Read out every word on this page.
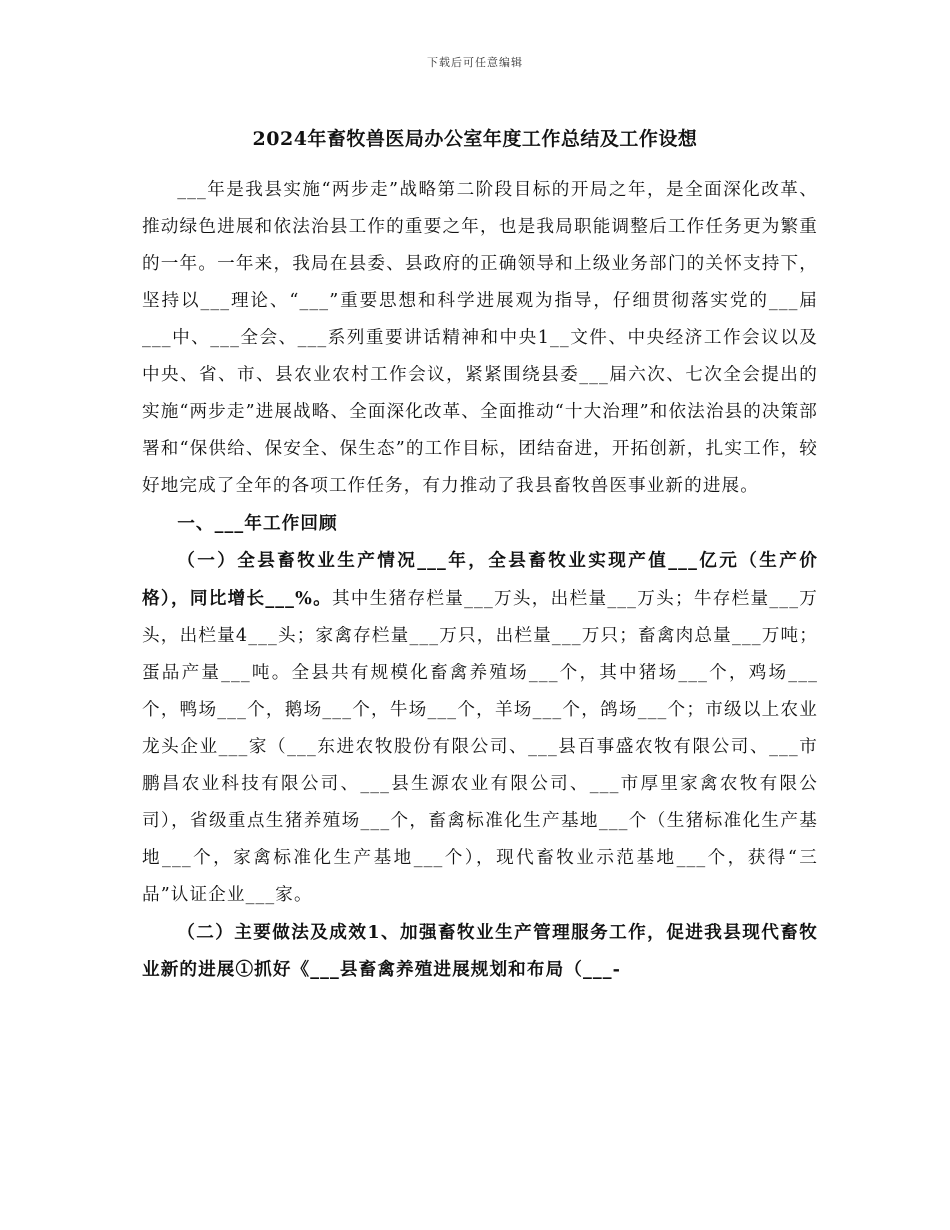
下载后可任意编辑
2024年畜牧兽医局办公室年度工作总结及工作设想

___年是我县实施“两步走”战略第二阶段目标的开局之年，是全面深化改革、推动绿色进展和依法治县工作的重要之年，也是我局职能调整后工作任务更为繁重的一年。一年来，我局在县委、县政府的正确领导和上级业务部门的关怀支持下，坚持以___理论、“___”重要思想和科学进展观为指导，仔细贯彻落实党的___届___中、___全会、___系列重要讲话精神和中央1__文件、中央经济工作会议以及中央、省、市、县农业农村工作会议，紧紧围绕县委___届六次、七次全会提出的实施“两步走”进展战略、全面深化改革、全面推动“十大治理”和依法治县的决策部署和“保供给、保安全、保生态”的工作目标，团结奋进，开拓创新，扎实工作，较好地完成了全年的各项工作任务，有力推动了我县畜牧兽医事业新的进展。

一、___年工作回顾

（一）全县畜牧业生产情况___年，全县畜牧业实现产值___亿元（生产价格），同比增长___%。其中生猪存栏量___万头，出栏量___万头；牛存栏量___万头，出栏量4___头；家禽存栏量___万只，出栏量___万只；畜禽肉总量___万吨；蛋品产量___吨。全县共有规模化畜禽养殖场___个，其中猪场___个，鸡场___个，鸭场___个，鹅场___个，牛场___个，羊场___个，鸽场___个；市级以上农业龙头企业___家（___东进农牧股份有限公司、___县百事盛农牧有限公司、___市鹏昌农业科技有限公司、___县生源农业有限公司、___市厚里家禽农牧有限公司），省级重点生猪养殖场___个，畜禽标准化生产基地___个（生猪标准化生产基地___个，家禽标准化生产基地___个），现代畜牧业示范基地___个，获得“三品”认证企业___家。

（二）主要做法及成效1、加强畜牧业生产管理服务工作，促进我县现代畜牧业新的进展①抓好《___县畜禽养殖进展规划和布局（___-
